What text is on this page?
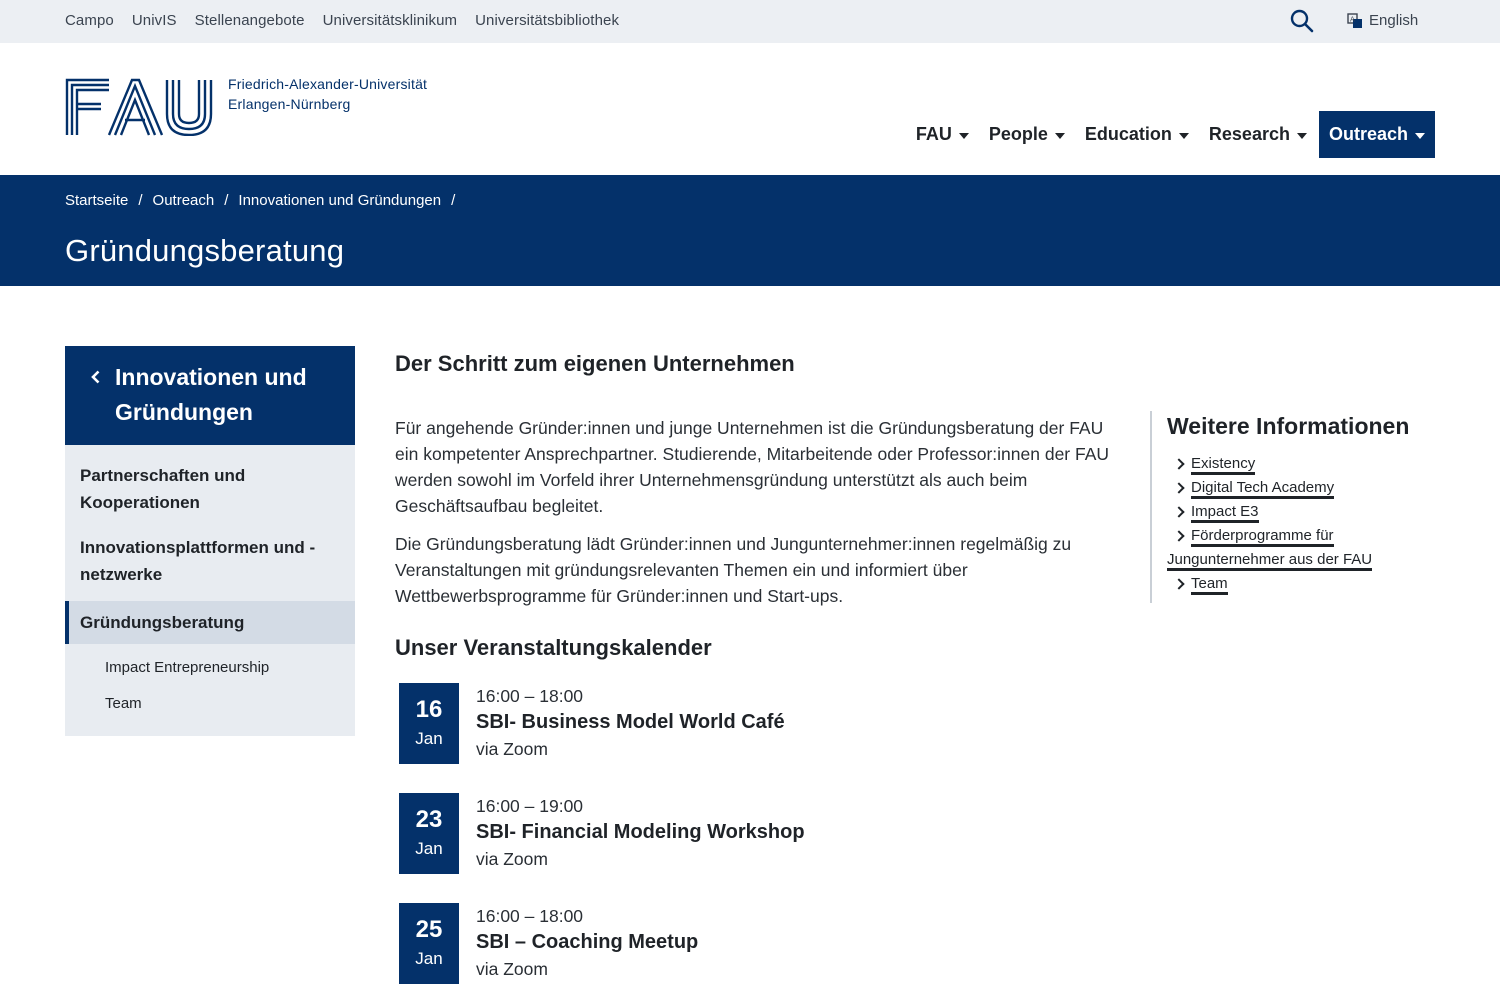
Campo UnivIS Stellenangebote Universitätsklinikum Universitätsbibliothek	A English
Friedrich-Alexander-Universität
Erlangen-Nürnberg
FAU People Education Research Outreach
Startseite / Outreach / Innovationen und Gründungen /
Gründungsberatung
Innovationen und Gründungen
Partnerschaften und Kooperationen
Innovationsplattformen und -netzwerke
Gründungsberatung
Impact Entrepreneurship
Team
Der Schritt zum eigenen Unternehmen

Für angehende Gründer:innen und junge Unternehmen ist die Gründungsberatung der FAU ein kompetenter Ansprechpartner. Studierende, Mitarbeitende oder Professor:innen der FAU werden sowohl im Vorfeld ihrer Unternehmensgründung unterstützt als auch beim Geschäftsaufbau begleitet.

Die Gründungsberatung lädt Gründer:innen und Jungunternehmer:innen regelmäßig zu Veranstaltungen mit gründungsrelevanten Themen ein und informiert über Wettbewerbsprogramme für Gründer:innen und Start-ups.

Unser Veranstaltungskalender
16
Jan
16:00 – 18:00
SBI- Business Model World Café
via Zoom
23
Jan
16:00 – 19:00
SBI- Financial Modeling Workshop
via Zoom
25
Jan
16:00 – 18:00
SBI – Coaching Meetup
via Zoom
Weitere Informationen
Existency
Digital Tech Academy
Impact E3
Förderprogramme für Jungunternehmer aus der FAU
Team
